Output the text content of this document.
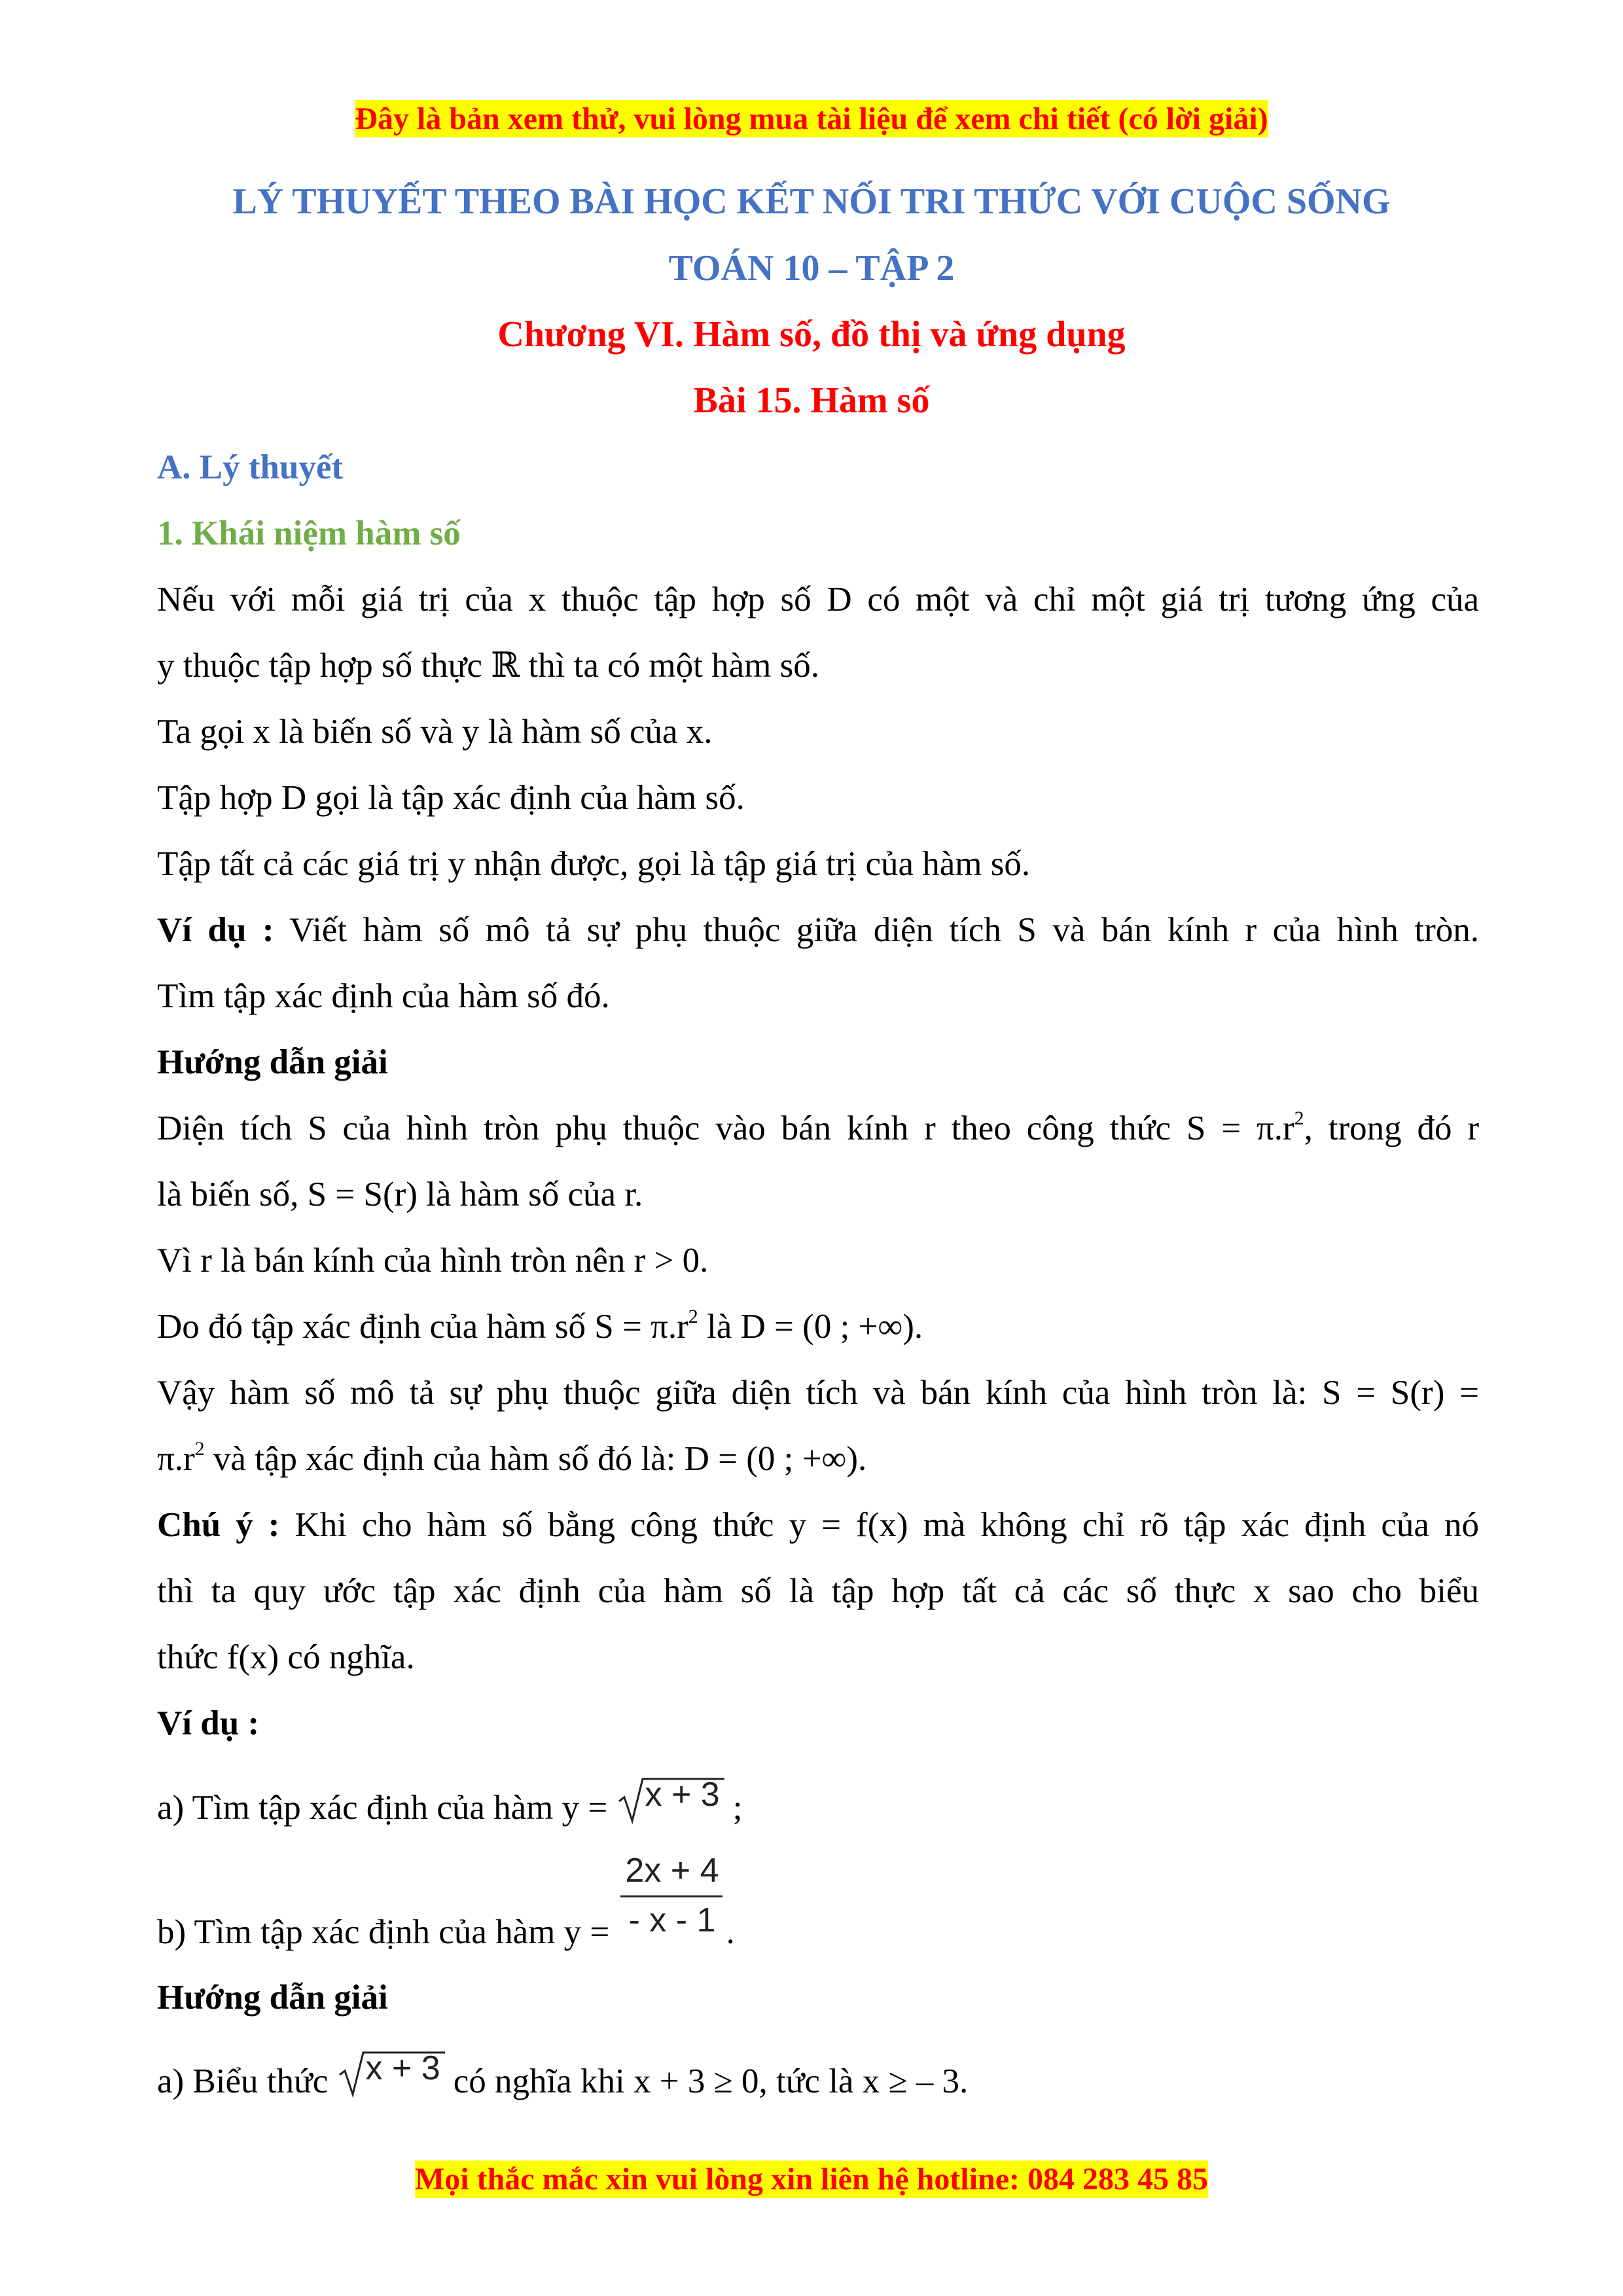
Đây là bản xem thử, vui lòng mua tài liệu để xem chi tiết (có lời giải)
LÝ THUYẾT THEO BÀI HỌC KẾT NỐI TRI THỨC VỚI CUỘC SỐNG
TOÁN 10 – TẬP 2
Chương VI. Hàm số, đồ thị và ứng dụng
Bài 15. Hàm số
A. Lý thuyết
1. Khái niệm hàm số
Nếu với mỗi giá trị của x thuộc tập hợp số D có một và chỉ một giá trị tương ứng của
y thuộc tập hợp số thực ℝ thì ta có một hàm số.
Ta gọi x là biến số và y là hàm số của x.
Tập hợp D gọi là tập xác định của hàm số.
Tập tất cả các giá trị y nhận được, gọi là tập giá trị của hàm số.
Ví dụ : Viết hàm số mô tả sự phụ thuộc giữa diện tích S và bán kính r của hình tròn.
Tìm tập xác định của hàm số đó.
Hướng dẫn giải
Diện tích S của hình tròn phụ thuộc vào bán kính r theo công thức $S = \pi.r^2$, trong đó r
là biến số, S = S(r) là hàm số của r.
Vì r là bán kính của hình tròn nên r > 0.
Do đó tập xác định của hàm số $S = \pi.r^2$ là D = (0 ; +∞).
Vậy hàm số mô tả sự phụ thuộc giữa diện tích và bán kính của hình tròn là: S = S(r) =
$\pi.r^2$ và tập xác định của hàm số đó là: D = (0 ; +∞).
Chú ý : Khi cho hàm số bằng công thức y = f(x) mà không chỉ rõ tập xác định của nó
thì ta quy ước tập xác định của hàm số là tập hợp tất cả các số thực x sao cho biểu
thức f(x) có nghĩa.
Ví dụ :
a) Tìm tập xác định của hàm y = x + 3 ;
b) Tìm tập xác định của hàm $y = \frac{2x + 4}{- x - 1}$ .
Hướng dẫn giải
a) Biểu thức x + 3 có nghĩa khi x + 3 ≥ 0, tức là x ≥ – 3.
Mọi thắc mắc xin vui lòng xin liên hệ hotline: 084 283 45 85
